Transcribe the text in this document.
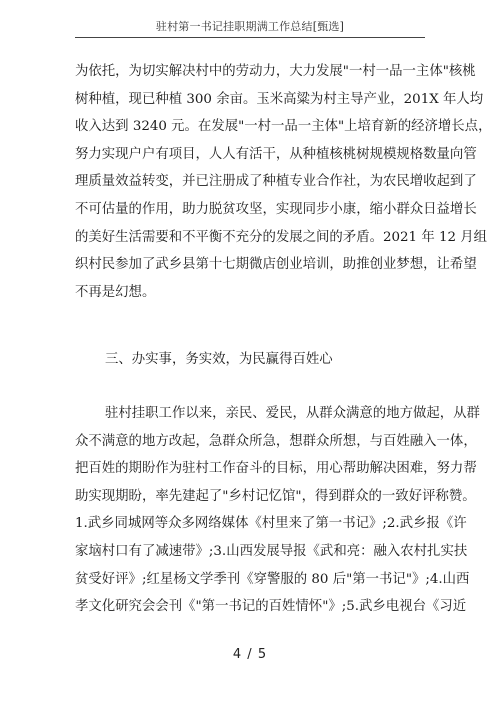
驻村第一书记挂职期满工作总结[甄选]
为依托，为切实解决村中的劳动力，大力发展"一村一品一主体"核桃
树种植，现已种植 300 余亩。玉米高粱为村主导产业，201X 年人均
收入达到 3240 元。在发展"一村一品一主体"上培育新的经济增长点，
努力实现户户有项目，人人有活干，从种植核桃树规模规格数量向管
理质量效益转变，并已注册成了种植专业合作社，为农民增收起到了
不可估量的作用，助力脱贫攻坚，实现同步小康，缩小群众日益增长
的美好生活需要和不平衡不充分的发展之间的矛盾。2021 年 12 月组
织村民参加了武乡县第十七期微店创业培训，助推创业梦想，让希望
不再是幻想。
三、办实事，务实效，为民赢得百姓心
驻村挂职工作以来，亲民、爱民，从群众满意的地方做起，从群
众不满意的地方改起，急群众所急，想群众所想，与百姓融入一体，
把百姓的期盼作为驻村工作奋斗的目标，用心帮助解决困难，努力帮
助实现期盼，率先建起了"乡村记忆馆"，得到群众的一致好评称赞。
1.武乡同城网等众多网络媒体《村里来了第一书记》;2.武乡报《许
家垴村口有了减速带》;3.山西发展导报《武和亮：融入农村扎实扶
贫受好评》;红星杨文学季刊《穿警服的 80 后"第一书记"》;4.山西
孝文化研究会会刊《"第一书记的百姓情怀"》;5.武乡电视台《习近
4 / 5
